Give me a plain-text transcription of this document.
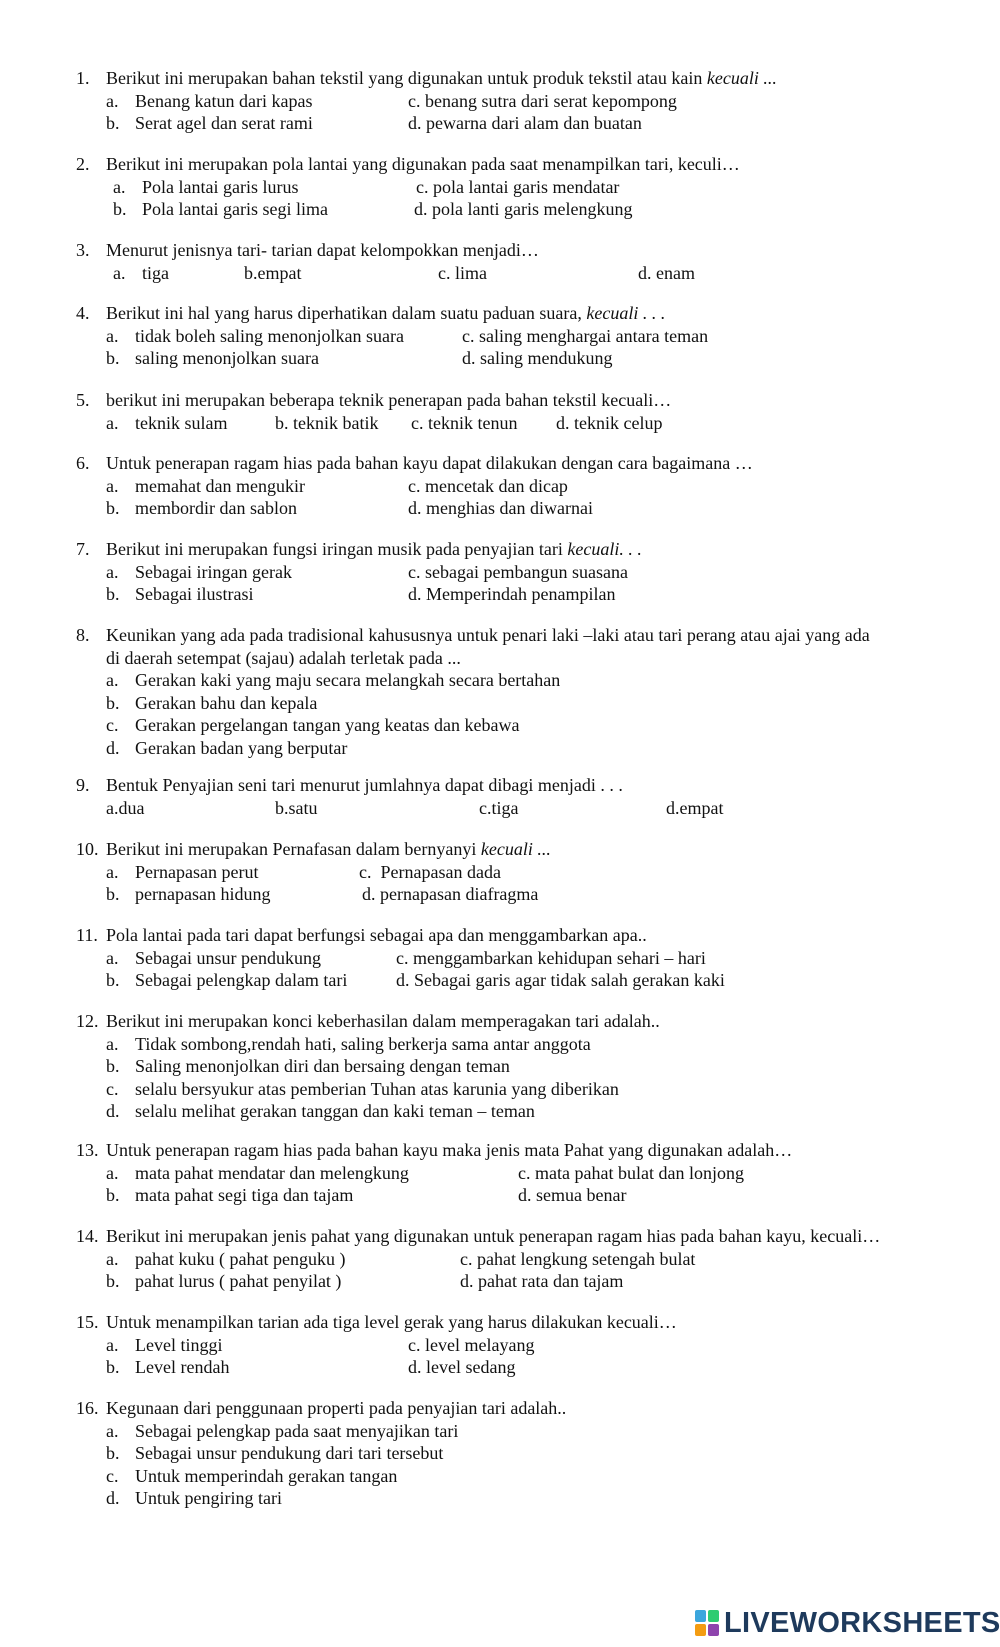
1. Berikut ini merupakan bahan tekstil yang digunakan untuk produk tekstil atau kain kecuali ...
a. Benang katun dari kapas	c. benang sutra dari serat kepompong
b. Serat agel dan serat rami	d. pewarna dari alam dan buatan
2. Berikut ini merupakan pola lantai yang digunakan pada saat menampilkan tari, keculi…
a. Pola lantai garis lurus	c. pola lantai garis mendatar
b. Pola lantai garis segi lima	d. pola lanti garis melengkung
3. Menurut jenisnya tari- tarian dapat kelompokkan menjadi…
a. tiga	b.empat	c. lima	d. enam
4. Berikut ini hal yang harus diperhatikan dalam suatu paduan suara, kecuali . . .
a. tidak boleh saling menonjolkan suara	c. saling menghargai antara teman
b. saling menonjolkan suara	d. saling mendukung
5. berikut ini merupakan beberapa teknik penerapan pada bahan tekstil kecuali…
a. teknik sulam	b. teknik batik c. teknik tenun d. teknik celup
6. Untuk penerapan ragam hias pada bahan kayu dapat dilakukan dengan cara bagaimana …
a. memahat dan mengukir	c. mencetak dan dicap
b. membordir dan sablon	d. menghias dan diwarnai
7. Berikut ini merupakan fungsi iringan musik pada penyajian tari kecuali. . .
a. Sebagai iringan gerak	c. sebagai pembangun suasana
b. Sebagai ilustrasi	d. Memperindah penampilan
8. Keunikan yang ada pada tradisional kahususnya untuk penari laki –laki atau tari perang atau ajai yang ada
di daerah setempat (sajau) adalah terletak pada ...
a. Gerakan kaki yang maju secara melangkah secara bertahan
b. Gerakan bahu dan kepala
c. Gerakan pergelangan tangan yang keatas dan kebawa
d. Gerakan badan yang berputar
9. Bentuk Penyajian seni tari menurut jumlahnya dapat dibagi menjadi . . .
a.dua	b.satu	c.tiga	d.empat
10. Berikut ini merupakan Pernafasan dalam bernyanyi kecuali ...
a. Pernapasan perut	c. Pernapasan dada
b. pernapasan hidung	d. pernapasan diafragma
11. Pola lantai pada tari dapat berfungsi sebagai apa dan menggambarkan apa..
a. Sebagai unsur pendukung	c. menggambarkan kehidupan sehari – hari
b. Sebagai pelengkap dalam tari	d. Sebagai garis agar tidak salah gerakan kaki
12. Berikut ini merupakan konci keberhasilan dalam memperagakan tari adalah..
a. Tidak sombong,rendah hati, saling berkerja sama antar anggota
b. Saling menonjolkan diri dan bersaing dengan teman
c. selalu bersyukur atas pemberian Tuhan atas karunia yang diberikan
d. selalu melihat gerakan tanggan dan kaki teman – teman
13. Untuk penerapan ragam hias pada bahan kayu maka jenis mata Pahat yang digunakan adalah…
a. mata pahat mendatar dan melengkung	c. mata pahat bulat dan lonjong
b. mata pahat segi tiga dan tajam	d. semua benar
14. Berikut ini merupakan jenis pahat yang digunakan untuk penerapan ragam hias pada bahan kayu, kecuali…
a. pahat kuku ( pahat penguku )	c. pahat lengkung setengah bulat
b. pahat lurus ( pahat penyilat )	d. pahat rata dan tajam
15. Untuk menampilkan tarian ada tiga level gerak yang harus dilakukan kecuali…
a. Level tinggi	c. level melayang
b. Level rendah	d. level sedang
16. Kegunaan dari penggunaan properti pada penyajian tari adalah..
a. Sebagai pelengkap pada saat menyajikan tari
b. Sebagai unsur pendukung dari tari tersebut
c. Untuk memperindah gerakan tangan
d. Untuk pengiring tari
LIVEWORKSHEETS
